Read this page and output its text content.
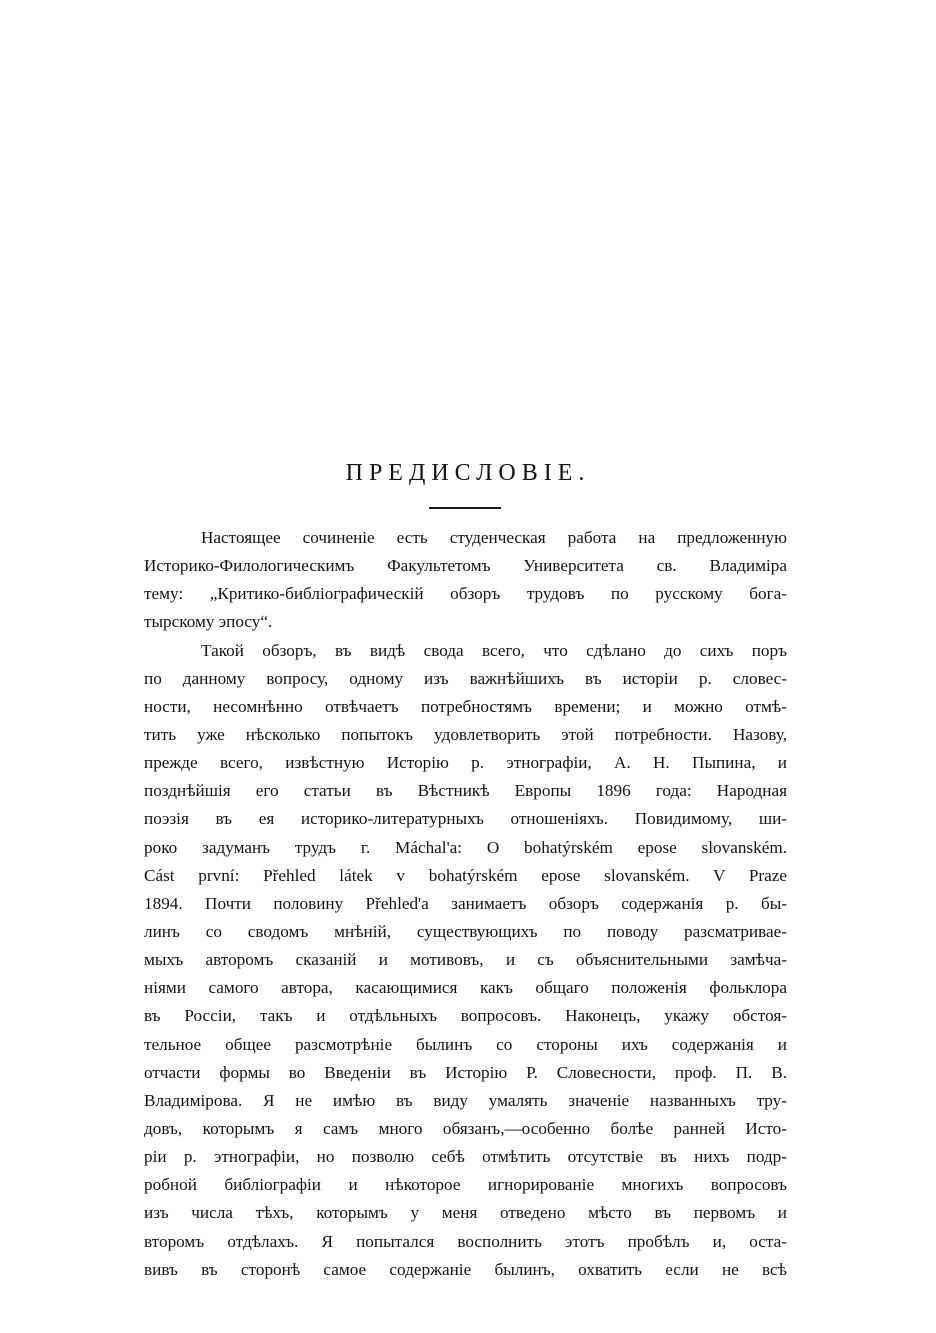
ПРЕДИСЛОВІЕ.
Настоящее сочиненіе есть студенческая работа на предложенную
Историко-Филологическимъ Факультетомъ Университета св. Владиміра
тему: „Критико-библіографическій обзоръ трудовъ по русскому бога-
тырскому эпосу“.
Такой обзоръ, въ видѣ свода всего, что сдѣлано до сихъ поръ
по данному вопросу, одному изъ важнѣйшихъ въ исторіи р. словес-
ности, несомнѣнно отвѣчаетъ потребностямъ времени; и можно отмѣ-
тить уже нѣсколько попытокъ удовлетворить этой потребности. Назову,
прежде всего, извѣстную Исторію р. этнографіи, А. Н. Пыпина, и
позднѣйшія его статьи въ Вѣстникѣ Европы 1896 года: Народная
поэзія въ ея историко-литературныхъ отношеніяхъ. Повидимому, ши-
роко задуманъ трудъ г. Máchal'a: O bohatýrském epose slovanském.
Cást první: Přehled látek v bohatýrském epose slovanském. V Praze
1894. Почти половину Přehled'a занимаетъ обзоръ содержанія р. бы-
линъ со сводомъ мнѣній, существующихъ по поводу разсматривае-
мыхъ авторомъ сказаній и мотивовъ, и съ объяснительными замѣча-
ніями самого автора, касающимися какъ общаго положенія фольклора
въ Россіи, такъ и отдѣльныхъ вопросовъ. Наконецъ, укажу обстоя-
тельное общее разсмотрѣніе былинъ со стороны ихъ содержанія и
отчасти формы во Введеніи въ Исторію Р. Словесности, проф. П. В.
Владимірова. Я не имѣю въ виду умалять значеніе названныхъ тру-
довъ, которымъ я самъ много обязанъ,—особенно болѣе ранней Исто-
ріи р. этнографіи, но позволю себѣ отмѣтить отсутствіе въ нихъ подр-
робной библіографіи и нѣкоторое игнорированіе многихъ вопросовъ
изъ числа тѣхъ, которымъ у меня отведено мѣсто въ первомъ и
второмъ отдѣлахъ. Я попытался восполнить этотъ пробѣлъ и, оста-
вивъ въ сторонѣ самое содержаніе былинъ, охватить если не всѣ
